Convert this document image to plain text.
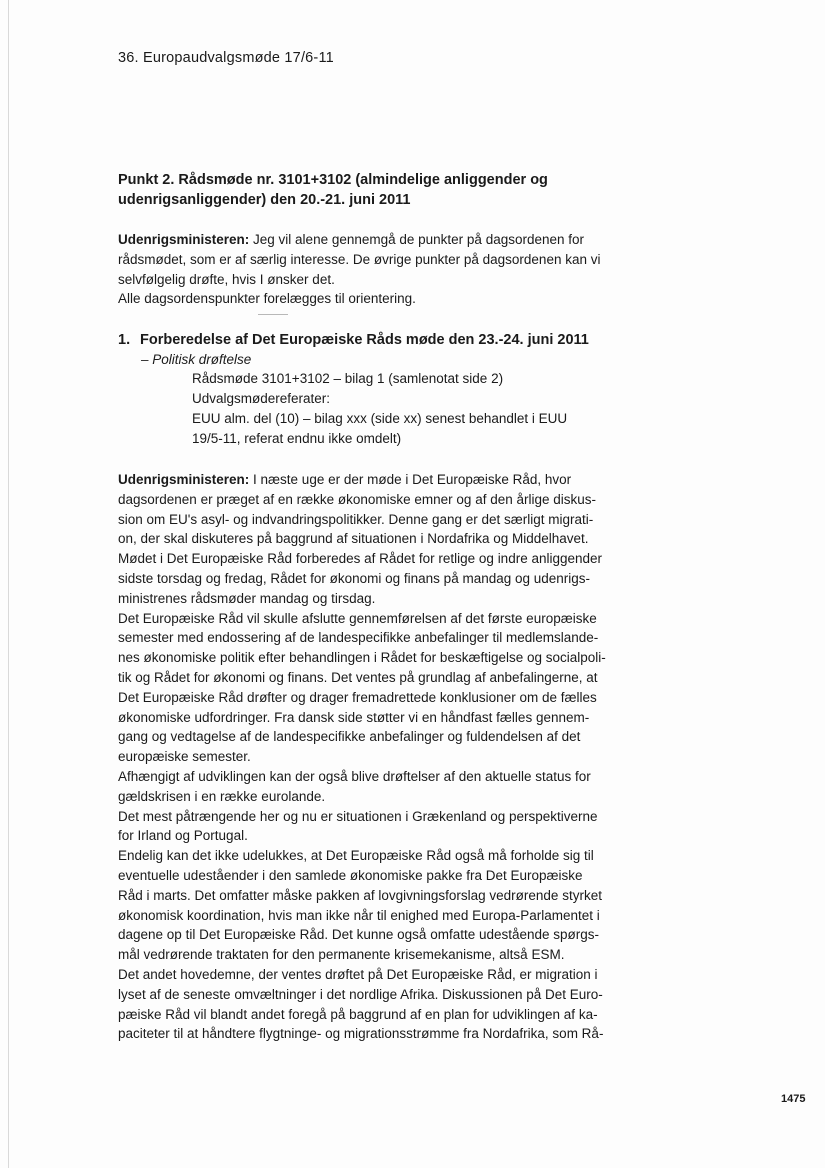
36. Europaudvalgsmøde 17/6-11
Punkt 2. Rådsmøde nr. 3101+3102 (almindelige anliggender og
udenrigsanliggender) den 20.-21. juni 2011
Udenrigsministeren: Jeg vil alene gennemgå de punkter på dagsordenen for
rådsmødet, som er af særlig interesse. De øvrige punkter på dagsordenen kan vi
selvfølgelig drøfte, hvis I ønsker det.
Alle dagsordenspunkter forelægges til orientering.
1. Forberedelse af Det Europæiske Råds møde den 23.-24. juni 2011
– Politisk drøftelse
Rådsmøde 3101+3102 – bilag 1 (samlenotat side 2)
Udvalgsmødereferater:
EUU alm. del (10) – bilag xxx (side xx) senest behandlet i EUU
19/5-11, referat endnu ikke omdelt)
Udenrigsministeren: I næste uge er der møde i Det Europæiske Råd, hvor
dagsordenen er præget af en række økonomiske emner og af den årlige diskus-
sion om EU's asyl- og indvandringspolitikker. Denne gang er det særligt migrati-
on, der skal diskuteres på baggrund af situationen i Nordafrika og Middelhavet.
Mødet i Det Europæiske Råd forberedes af Rådet for retlige og indre anliggender
sidste torsdag og fredag, Rådet for økonomi og finans på mandag og udenrigs-
ministrenes rådsmøder mandag og tirsdag.
Det Europæiske Råd vil skulle afslutte gennemførelsen af det første europæiske
semester med endossering af de landespecifikke anbefalinger til medlemslande-
nes økonomiske politik efter behandlingen i Rådet for beskæftigelse og socialpoli-
tik og Rådet for økonomi og finans. Det ventes på grundlag af anbefalingerne, at
Det Europæiske Råd drøfter og drager fremadrettede konklusioner om de fælles
økonomiske udfordringer. Fra dansk side støtter vi en håndfast fælles gennem-
gang og vedtagelse af de landespecifikke anbefalinger og fuldendelsen af det
europæiske semester.
Afhængigt af udviklingen kan der også blive drøftelser af den aktuelle status for
gældskrisen i en række eurolande.
Det mest påtrængende her og nu er situationen i Grækenland og perspektiverne
for Irland og Portugal.
Endelig kan det ikke udelukkes, at Det Europæiske Råd også må forholde sig til
eventuelle udeståender i den samlede økonomiske pakke fra Det Europæiske
Råd i marts. Det omfatter måske pakken af lovgivningsforslag vedrørende styrket
økonomisk koordination, hvis man ikke når til enighed med Europa-Parlamentet i
dagene op til Det Europæiske Råd. Det kunne også omfatte udestående spørgs-
mål vedrørende traktaten for den permanente krisemekanisme, altså ESM.
Det andet hovedemne, der ventes drøftet på Det Europæiske Råd, er migration i
lyset af de seneste omvæltninger i det nordlige Afrika. Diskussionen på Det Euro-
pæiske Råd vil blandt andet foregå på baggrund af en plan for udviklingen af ka-
paciteter til at håndtere flygtninge- og migrationsstrømme fra Nordafrika, som Rå-
1475
